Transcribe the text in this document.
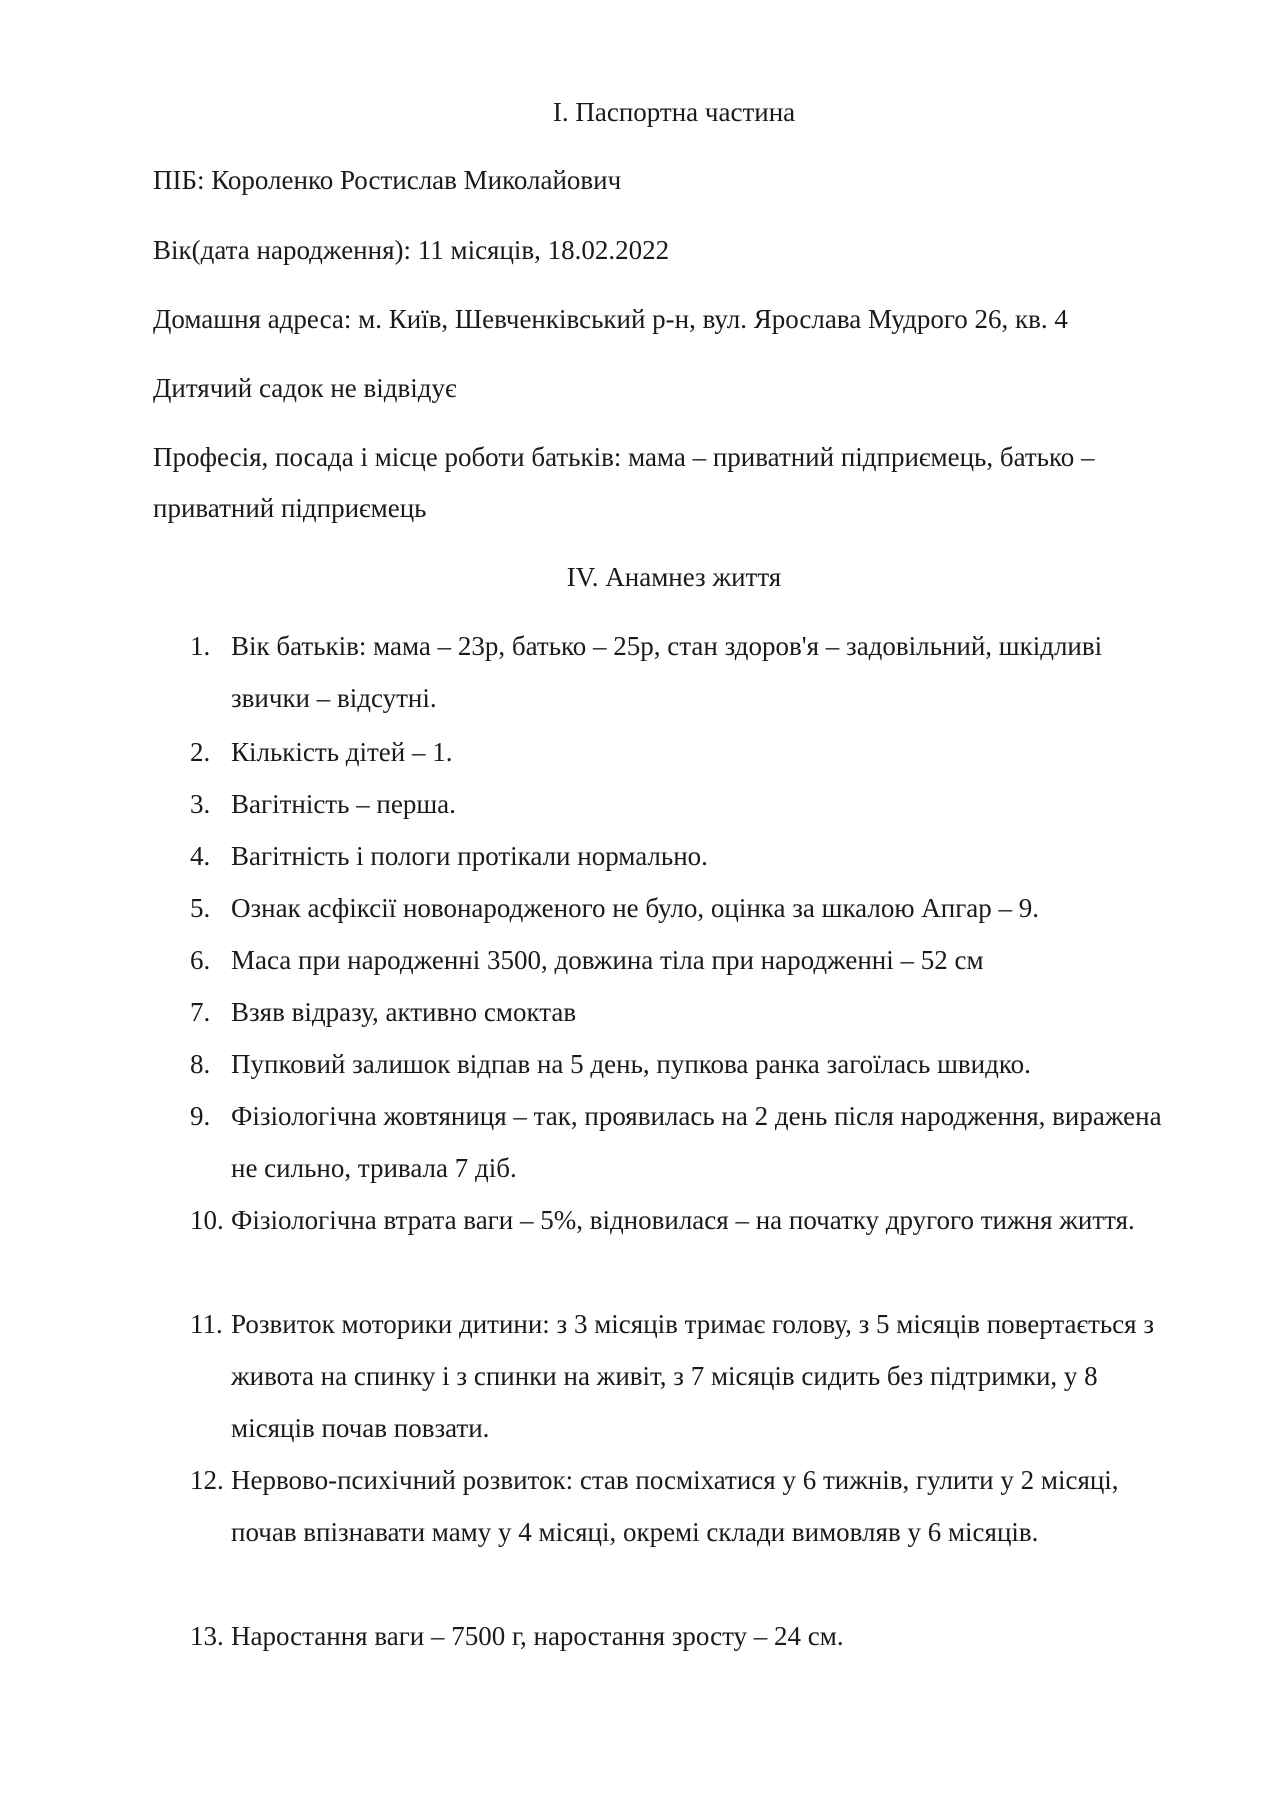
I. Паспортна частина
ПІБ: Короленко Ростислав Миколайович
Вік(дата народження): 11 місяців, 18.02.2022
Домашня адреса: м. Київ, Шевченківський р-н, вул. Ярослава Мудрого 26, кв. 4
Дитячий садок не відвідує

Професія, посада і місце роботи батьків: мама – приватний підприємець, батько – приватний підприємець

IV. Анамнез життя
1. Вік батьків: мама – 23р, батько – 25р, стан здоров'я – задовільний, шкідливі звички – відсутні.

2. Кількість дітей – 1.
3. Вагітність – перша.
4. Вагітність і пологи протікали нормально.
5. Ознак асфіксії новонародженого не було, оцінка за шкалою Апгар – 9.
6. Маса при народженні 3500, довжина тіла при народженні – 52 см
7. Взяв відразу, активно смоктав
8. Пупковий залишок відпав на 5 день, пупкова ранка загоїлась швидко.
9. Фізіологічна жовтяниця – так, проявилась на 2 день після народження, виражена не сильно, тривала 7 діб.

10. Фізіологічна втрата ваги – 5%, відновилася – на початку другого тижня життя.

11. Розвиток моторики дитини: з 3 місяців тримає голову, з 5 місяців повертається з живота на спинку і з спинки на живіт, з 7 місяців сидить без підтримки, у 8 місяців почав повзати.

12. Нервово-психічний розвиток: став посміхатися у 6 тижнів, гулити у 2 місяці, почав впізнавати маму у 4 місяці, окремі склади вимовляв у 6 місяців.

13. Наростання ваги – 7500 г, наростання зросту – 24 см.
